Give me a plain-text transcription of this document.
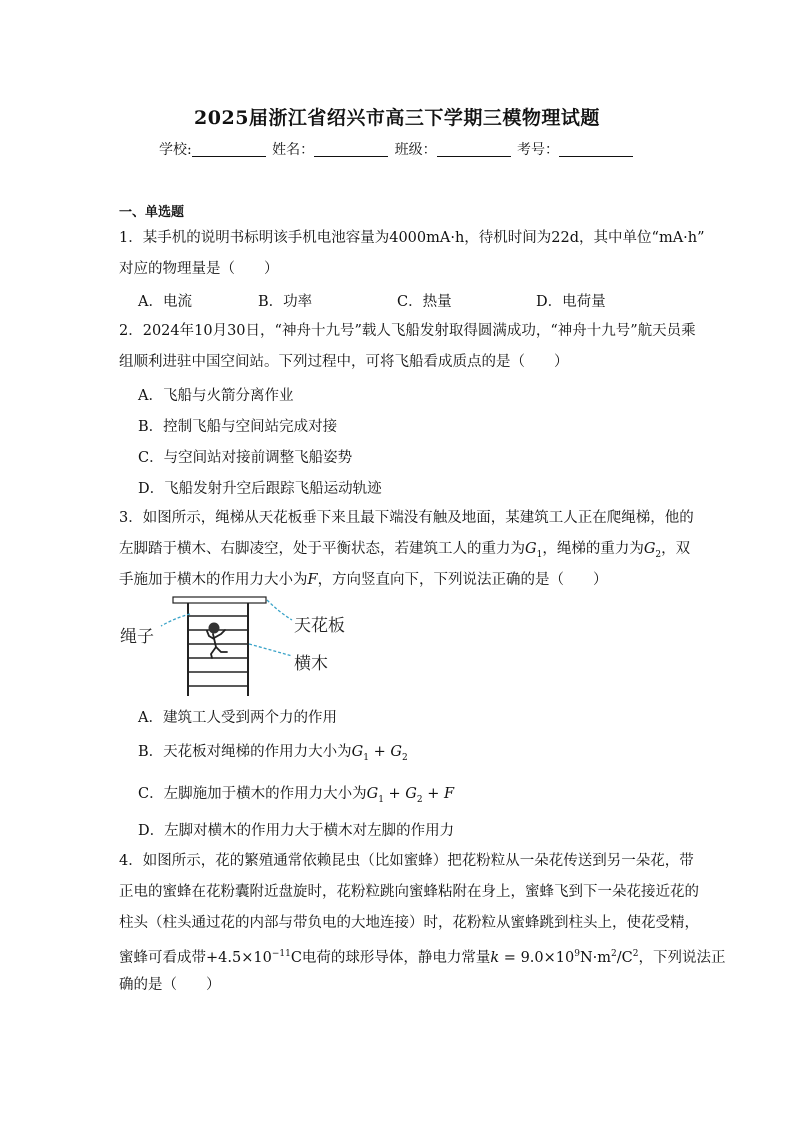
2025届浙江省绍兴市高三下学期三模物理试题
学校:	姓名：	班级：	考号：
一、单选题
1．某手机的说明书标明该手机电池容量为4000mA·h，待机时间为22d，其中单位“mA·h”
对应的物理量是（　　）
A．电流	B．功率	C．热量	D．电荷量
2．2024年10月30日，“神舟十九号”载人飞船发射取得圆满成功，“神舟十九号”航天员乘
组顺利进驻中国空间站。下列过程中，可将飞船看成质点的是（　　）
A．飞船与火箭分离作业
B．控制飞船与空间站完成对接
C．与空间站对接前调整飞船姿势
D．飞船发射升空后跟踪飞船运动轨迹
3．如图所示，绳梯从天花板垂下来且最下端没有触及地面，某建筑工人正在爬绳梯，他的
左脚踏于横木、右脚凌空，处于平衡状态，若建筑工人的重力为$G_1$，绳梯的重力为$G_2$，双
手施加于横木的作用力大小为F，方向竖直向下，下列说法正确的是（　　）
绳子
天花板
横木
A．建筑工人受到两个力的作用
B．天花板对绳梯的作用力大小为$G_1 + G_2$
C．左脚施加于横木的作用力大小为$G_1 + G_2 + F$
D．左脚对横木的作用力大于横木对左脚的作用力
4．如图所示，花的繁殖通常依赖昆虫（比如蜜蜂）把花粉粒从一朵花传送到另一朵花，带
正电的蜜蜂在花粉囊附近盘旋时，花粉粒跳向蜜蜂粘附在身上，蜜蜂飞到下一朵花接近花的
柱头（柱头通过花的内部与带负电的大地连接）时，花粉粒从蜜蜂跳到柱头上，使花受精，
蜜蜂可看成带$+4.5\times 10^{-11}C$电荷的球形导体，静电力常量$k = 9.0\times 10^9N\cdot m^2/C^2$，下列说法正
确的是（　　）
